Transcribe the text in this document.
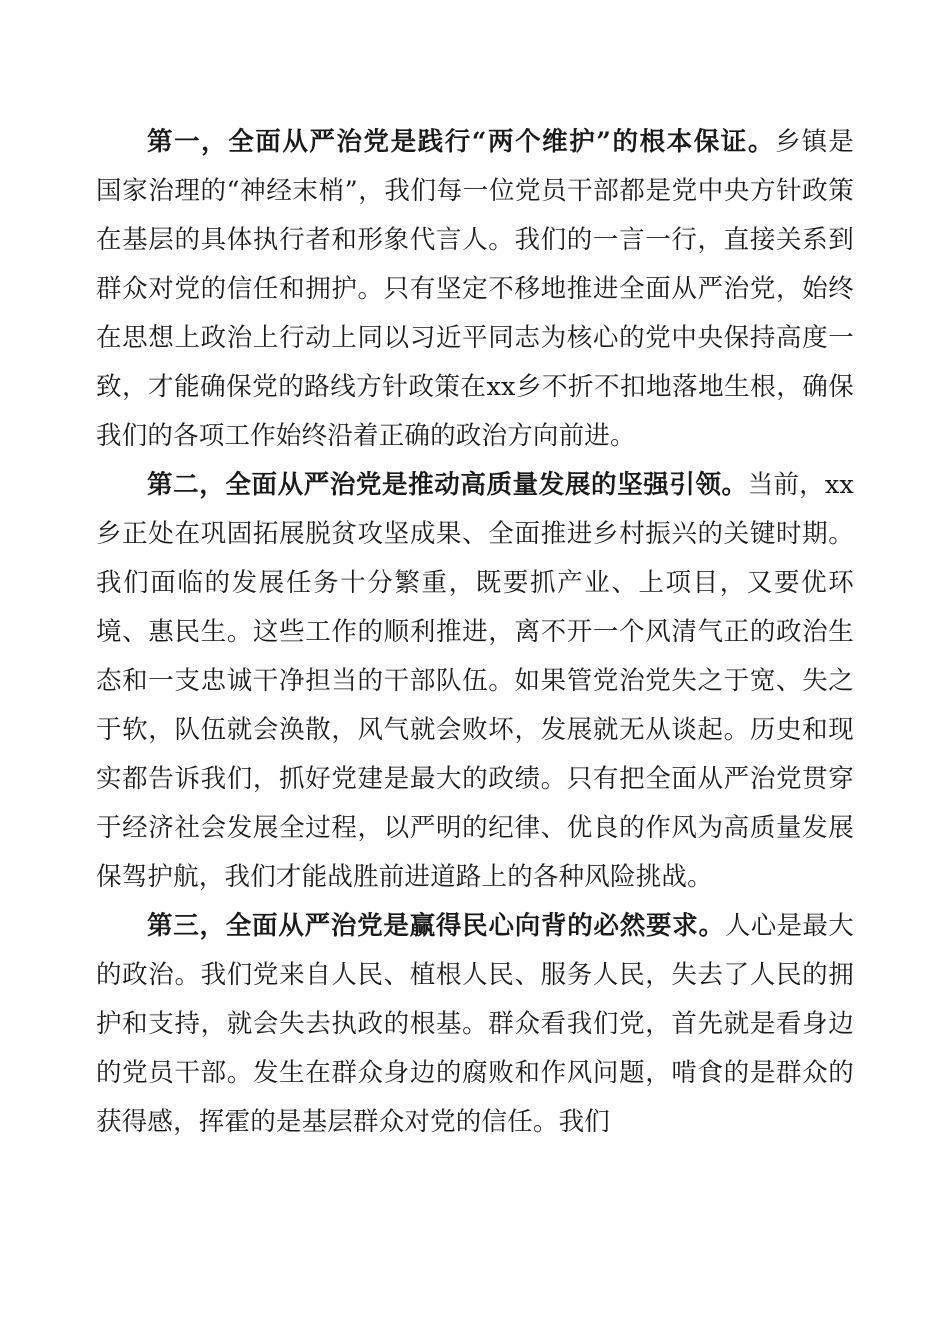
第一，全面从严治党是践行“两个维护”的根本保证。乡镇是国家治理的“神经末梢”，我们每一位党员干部都是党中央方针政策在基层的具体执行者和形象代言人。我们的一言一行，直接关系到群众对党的信任和拥护。只有坚定不移地推进全面从严治党，始终在思想上政治上行动上同以习近平同志为核心的党中央保持高度一致，才能确保党的路线方针政策在xx乡不折不扣地落地生根，确保我们的各项工作始终沿着正确的政治方向前进。

第二，全面从严治党是推动高质量发展的坚强引领。当前，xx乡正处在巩固拓展脱贫攻坚成果、全面推进乡村振兴的关键时期。我们面临的发展任务十分繁重，既要抓产业、上项目，又要优环境、惠民生。这些工作的顺利推进，离不开一个风清气正的政治生态和一支忠诚干净担当的干部队伍。如果管党治党失之于宽、失之于软，队伍就会涣散，风气就会败坏，发展就无从谈起。历史和现实都告诉我们，抓好党建是最大的政绩。只有把全面从严治党贯穿于经济社会发展全过程，以严明的纪律、优良的作风为高质量发展保驾护航，我们才能战胜前进道路上的各种风险挑战。

第三，全面从严治党是赢得民心向背的必然要求。人心是最大的政治。我们党来自人民、植根人民、服务人民，失去了人民的拥护和支持，就会失去执政的根基。群众看我们党，首先就是看身边的党员干部。发生在群众身边的腐败和作风问题，啃食的是群众的获得感，挥霍的是基层群众对党的信任。我们
